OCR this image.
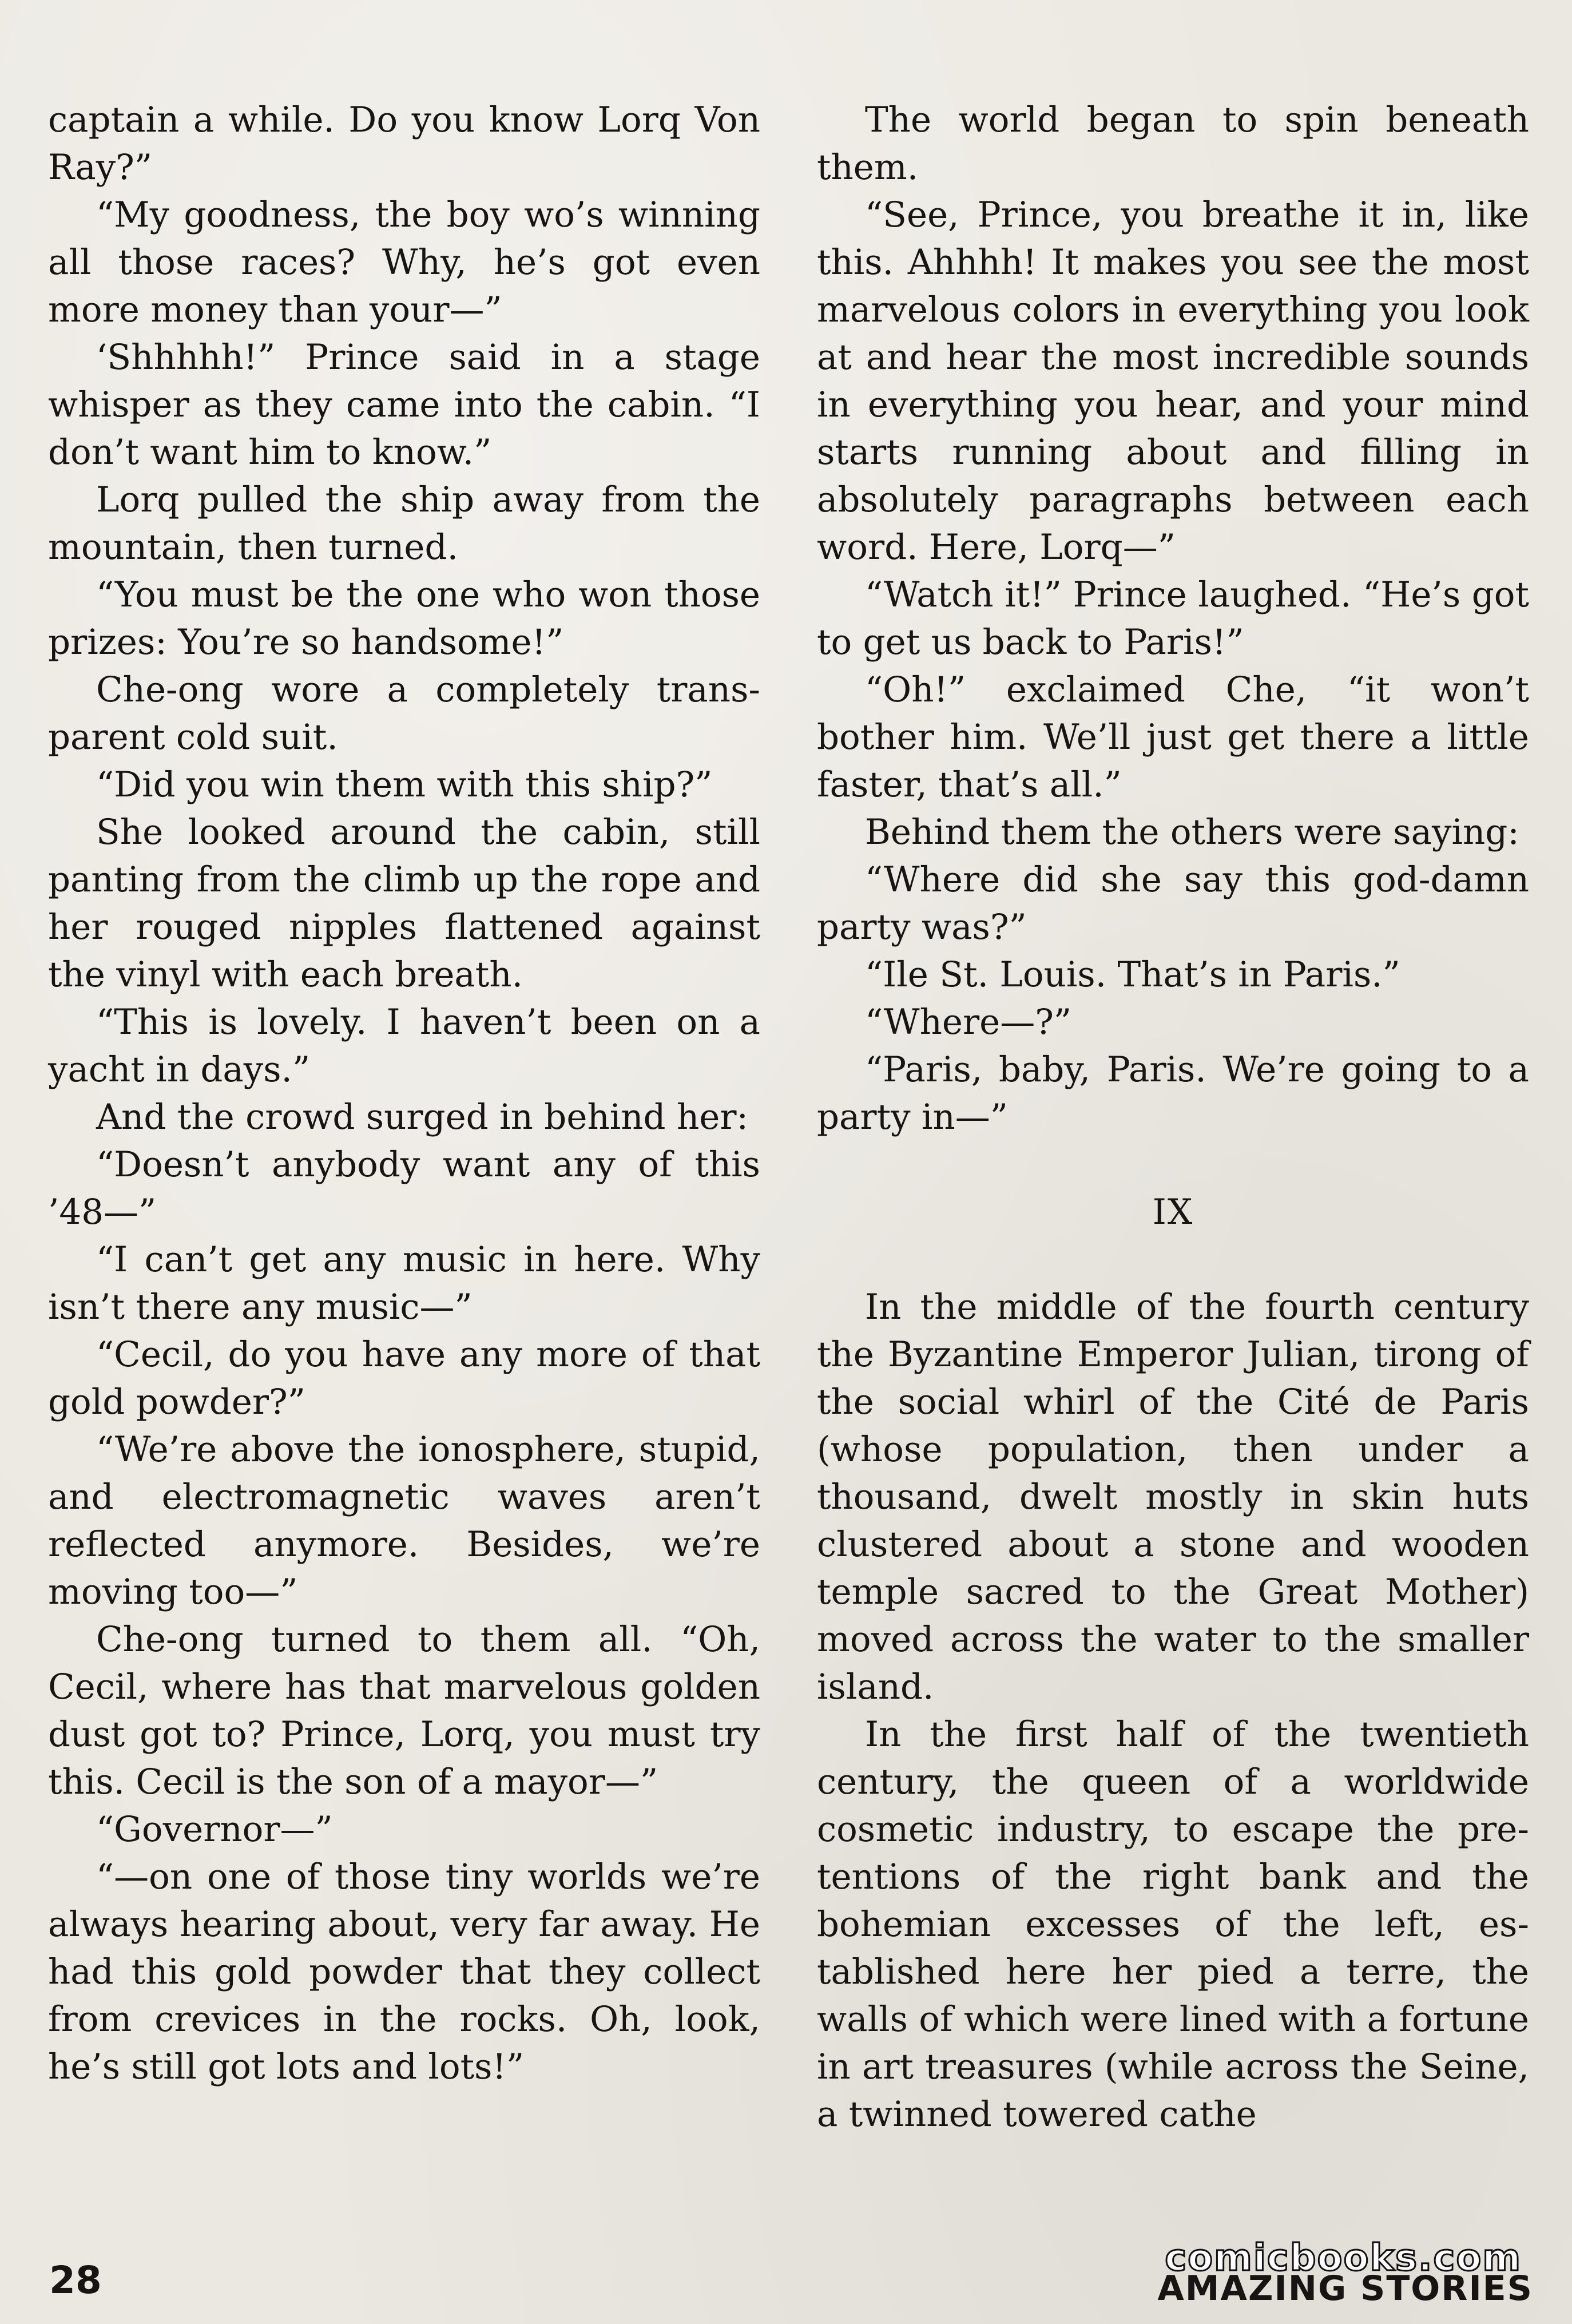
captain a while. Do you know Lorq Von Ray?”

“My goodness, the boy wo’s winning all those races? Why, he’s got even more money than your—”

‘Shhhhh!” Prince said in a stage whisper as they came into the cabin. “I don’t want him to know.”

Lorq pulled the ship away from the mountain, then turned.

“You must be the one who won those prizes: You’re so handsome!”

Che-ong wore a completely transparent cold suit.

“Did you win them with this ship?”

She looked around the cabin, still panting from the climb up the rope and her rouged nipples flattened against the vinyl with each breath.

“This is lovely. I haven’t been on a yacht in days.”

And the crowd surged in behind her:

“Doesn’t anybody want any of this ’48—”

“I can’t get any music in here. Why isn’t there any music—”

“Cecil, do you have any more of that gold powder?”

“We’re above the ionosphere, stupid, and electromagnetic waves aren’t reflected anymore. Besides, we’re moving too—”

Che-ong turned to them all. “Oh, Cecil, where has that marvelous golden dust got to? Prince, Lorq, you must try this. Cecil is the son of a mayor—”

“Governor—”

“—on one of those tiny worlds we’re always hearing about, very far away. He had this gold powder that they collect from crevices in the rocks. Oh, look, he’s still got lots and lots!”

The world began to spin beneath them.

“See, Prince, you breathe it in, like this. Ahhhh! It makes you see the most marvelous colors in everything you look at and hear the most incredible sounds in everything you hear, and your mind starts running about and filling in absolutely paragraphs between each word. Here, Lorq—”

“Watch it!” Prince laughed. “He’s got to get us back to Paris!”

“Oh!” exclaimed Che, “it won’t bother him. We’ll just get there a little faster, that’s all.”

Behind them the others were saying:

“Where did she say this god-damn party was?”

“Ile St. Louis. That’s in Paris.”

“Where—?”

“Paris, baby, Paris. We’re going to a party in—”

IX

In the middle of the fourth century the Byzantine Emperor Julian, tirong of the social whirl of the Cité de Paris (whose population, then under a thousand, dwelt mostly in skin huts clustered about a stone and wooden temple sacred to the Great Mother) moved across the water to the smaller island.

In the first half of the twentieth century, the queen of a worldwide cosmetic industry, to escape the pretentions of the right bank and the bohemian excesses of the left, established here her pied a terre, the walls of which were lined with a fortune in art treasures (while across the Seine, a twinned towered cathe

28	AMAZING STORIES
comicbooks.com
